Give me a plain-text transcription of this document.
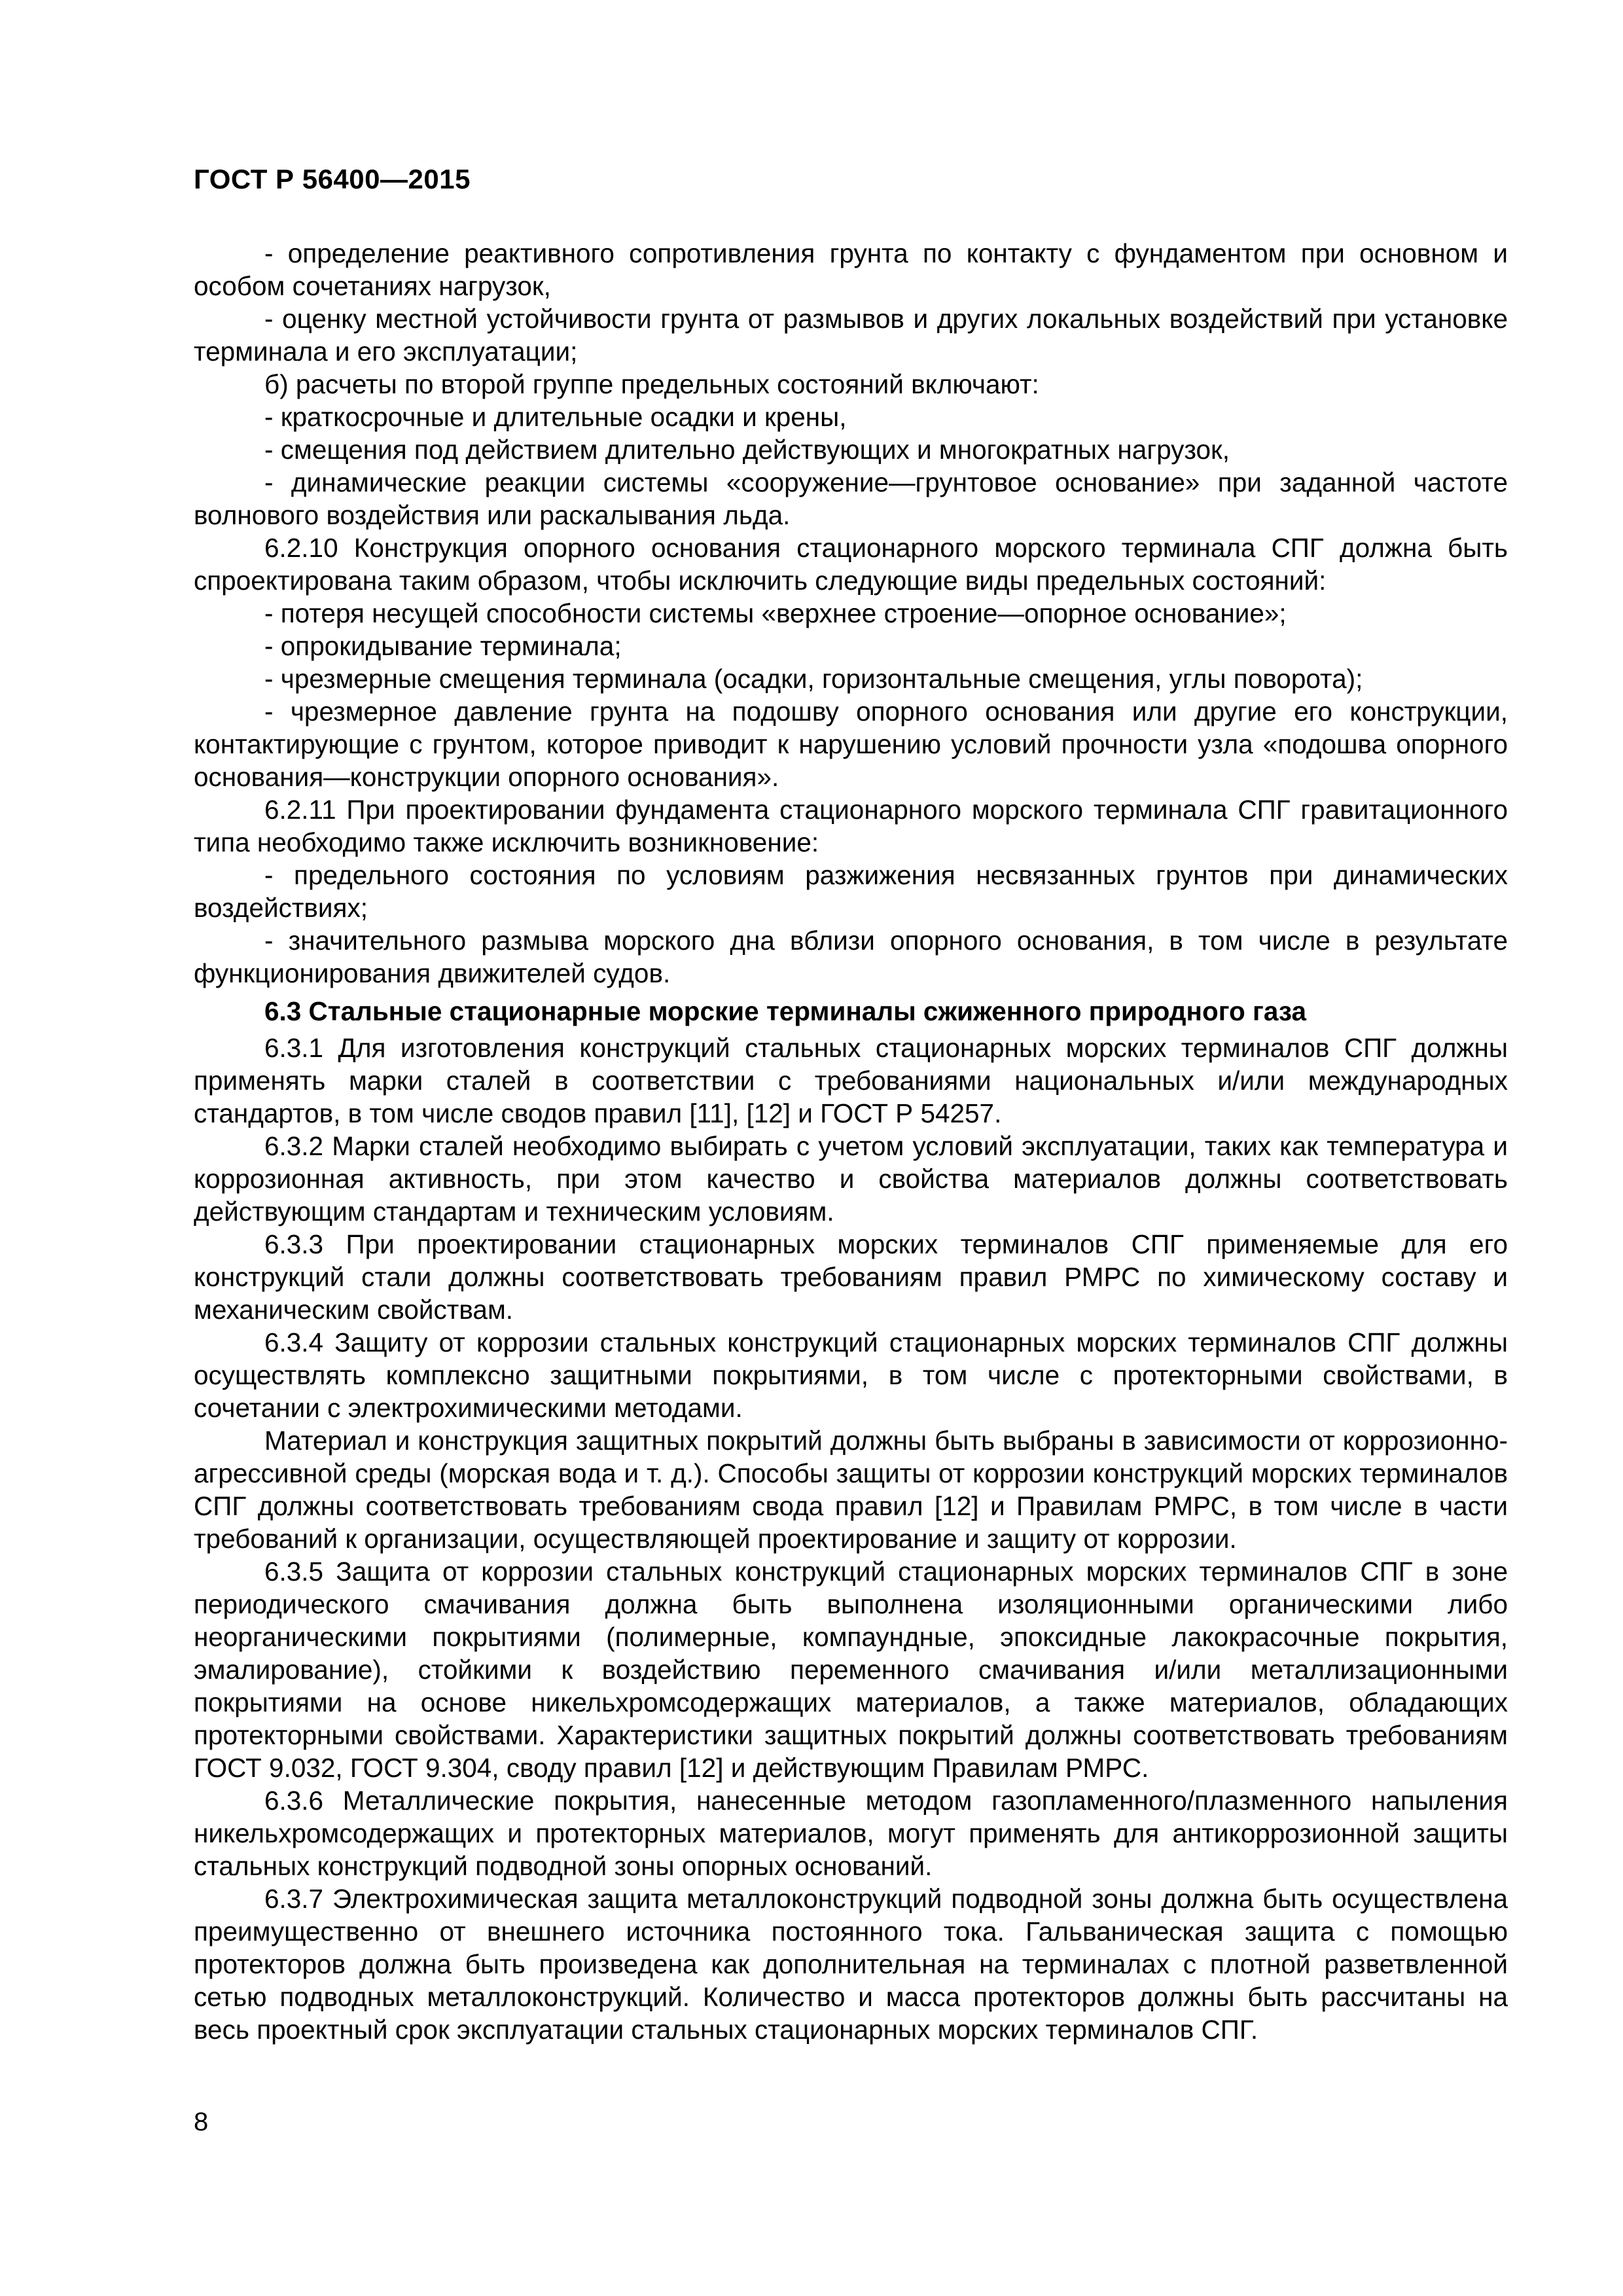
ГОСТ Р 56400—2015

- определение реактивного сопротивления грунта по контакту с фундаментом при основном и особом сочетаниях нагрузок,

- оценку местной устойчивости грунта от размывов и других локальных воздействий при установке терминала и его эксплуатации;

б) расчеты по второй группе предельных состояний включают:

- краткосрочные и длительные осадки и крены,

- смещения под действием длительно действующих и многократных нагрузок,

- динамические реакции системы «сооружение—грунтовое основание» при заданной частоте волнового воздействия или раскалывания льда.

6.2.10 Конструкция опорного основания стационарного морского терминала СПГ должна быть спроектирована таким образом, чтобы исключить следующие виды предельных состояний:

- потеря несущей способности системы «верхнее строение—опорное основание»;

- опрокидывание терминала;

- чрезмерные смещения терминала (осадки, горизонтальные смещения, углы поворота);

- чрезмерное давление грунта на подошву опорного основания или другие его конструкции, контактирующие с грунтом, которое приводит к нарушению условий прочности узла «подошва опорного основания—конструкции опорного основания».

6.2.11 При проектировании фундамента стационарного морского терминала СПГ гравитационного типа необходимо также исключить возникновение:

- предельного состояния по условиям разжижения несвязанных грунтов при динамических воздействиях;

- значительного размыва морского дна вблизи опорного основания, в том числе в результате функционирования движителей судов.

6.3 Стальные стационарные морские терминалы сжиженного природного газа

6.3.1 Для изготовления конструкций стальных стационарных морских терминалов СПГ должны применять марки сталей в соответствии с требованиями национальных и/или международных стандартов, в том числе сводов правил [11], [12] и ГОСТ Р 54257.

6.3.2 Марки сталей необходимо выбирать с учетом условий эксплуатации, таких как температура и коррозионная активность, при этом качество и свойства материалов должны соответствовать действующим стандартам и техническим условиям.

6.3.3 При проектировании стационарных морских терминалов СПГ применяемые для его конструкций стали должны соответствовать требованиям правил РМРС по химическому составу и механическим свойствам.

6.3.4 Защиту от коррозии стальных конструкций стационарных морских терминалов СПГ должны осуществлять комплексно защитными покрытиями, в том числе с протекторными свойствами, в сочетании с электрохимическими методами.

Материал и конструкция защитных покрытий должны быть выбраны в зависимости от коррозионно-агрессивной среды (морская вода и т. д.). Способы защиты от коррозии конструкций морских терминалов СПГ должны соответствовать требованиям свода правил [12] и Правилам РМРС, в том числе в части требований к организации, осуществляющей проектирование и защиту от коррозии.

6.3.5 Защита от коррозии стальных конструкций стационарных морских терминалов СПГ в зоне периодического смачивания должна быть выполнена изоляционными органическими либо неорганическими покрытиями (полимерные, компаундные, эпоксидные лакокрасочные покрытия, эмалирование), стойкими к воздействию переменного смачивания и/или металлизационными покрытиями на основе никельхромсодержащих материалов, а также материалов, обладающих протекторными свойствами. Характеристики защитных покрытий должны соответствовать требованиям ГОСТ 9.032, ГОСТ 9.304, своду правил [12] и действующим Правилам РМРС.

6.3.6 Металлические покрытия, нанесенные методом газопламенного/плазменного напыления никельхромсодержащих и протекторных материалов, могут применять для антикоррозионной защиты стальных конструкций подводной зоны опорных оснований.

6.3.7 Электрохимическая защита металлоконструкций подводной зоны должна быть осуществлена преимущественно от внешнего источника постоянного тока. Гальваническая защита с помощью протекторов должна быть произведена как дополнительная на терминалах с плотной разветвленной сетью подводных металлоконструкций. Количество и масса протекторов должны быть рассчитаны на весь проектный срок эксплуатации стальных стационарных морских терминалов СПГ.

8
